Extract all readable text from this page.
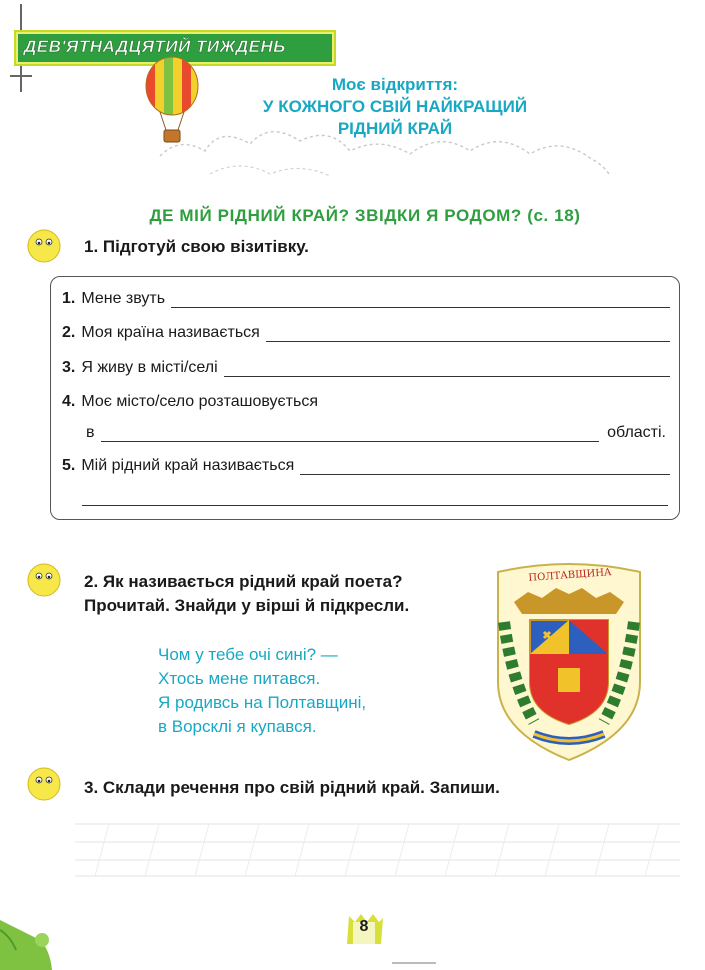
ДЕВ'ЯТНАДЦЯТИЙ ТИЖДЕНЬ
Моє відкриття:
У КОЖНОГО СВІЙ НАЙКРАЩИЙ
РІДНИЙ КРАЙ
ДЕ МІЙ РІДНИЙ КРАЙ? ЗВІДКИ Я РОДОМ? (с. 18)
1. Підготуй свою візитівку.
1. Мене звуть
2. Моя країна називається
3. Я живу в місті/селі
4. Моє місто/село розташовується
в	області.
5. Мій рідний край називається
2. Як називається рідний край поета?
Прочитай. Знайди у вірші й підкресли.
Чом у тебе очі сині? —
Хтось мене питався.
Я родивсь на Полтавщині,
в Ворсклі я купався.
ПОЛТАВЩИНА
3. Склади речення про свій рідний край. Запиши.
8
